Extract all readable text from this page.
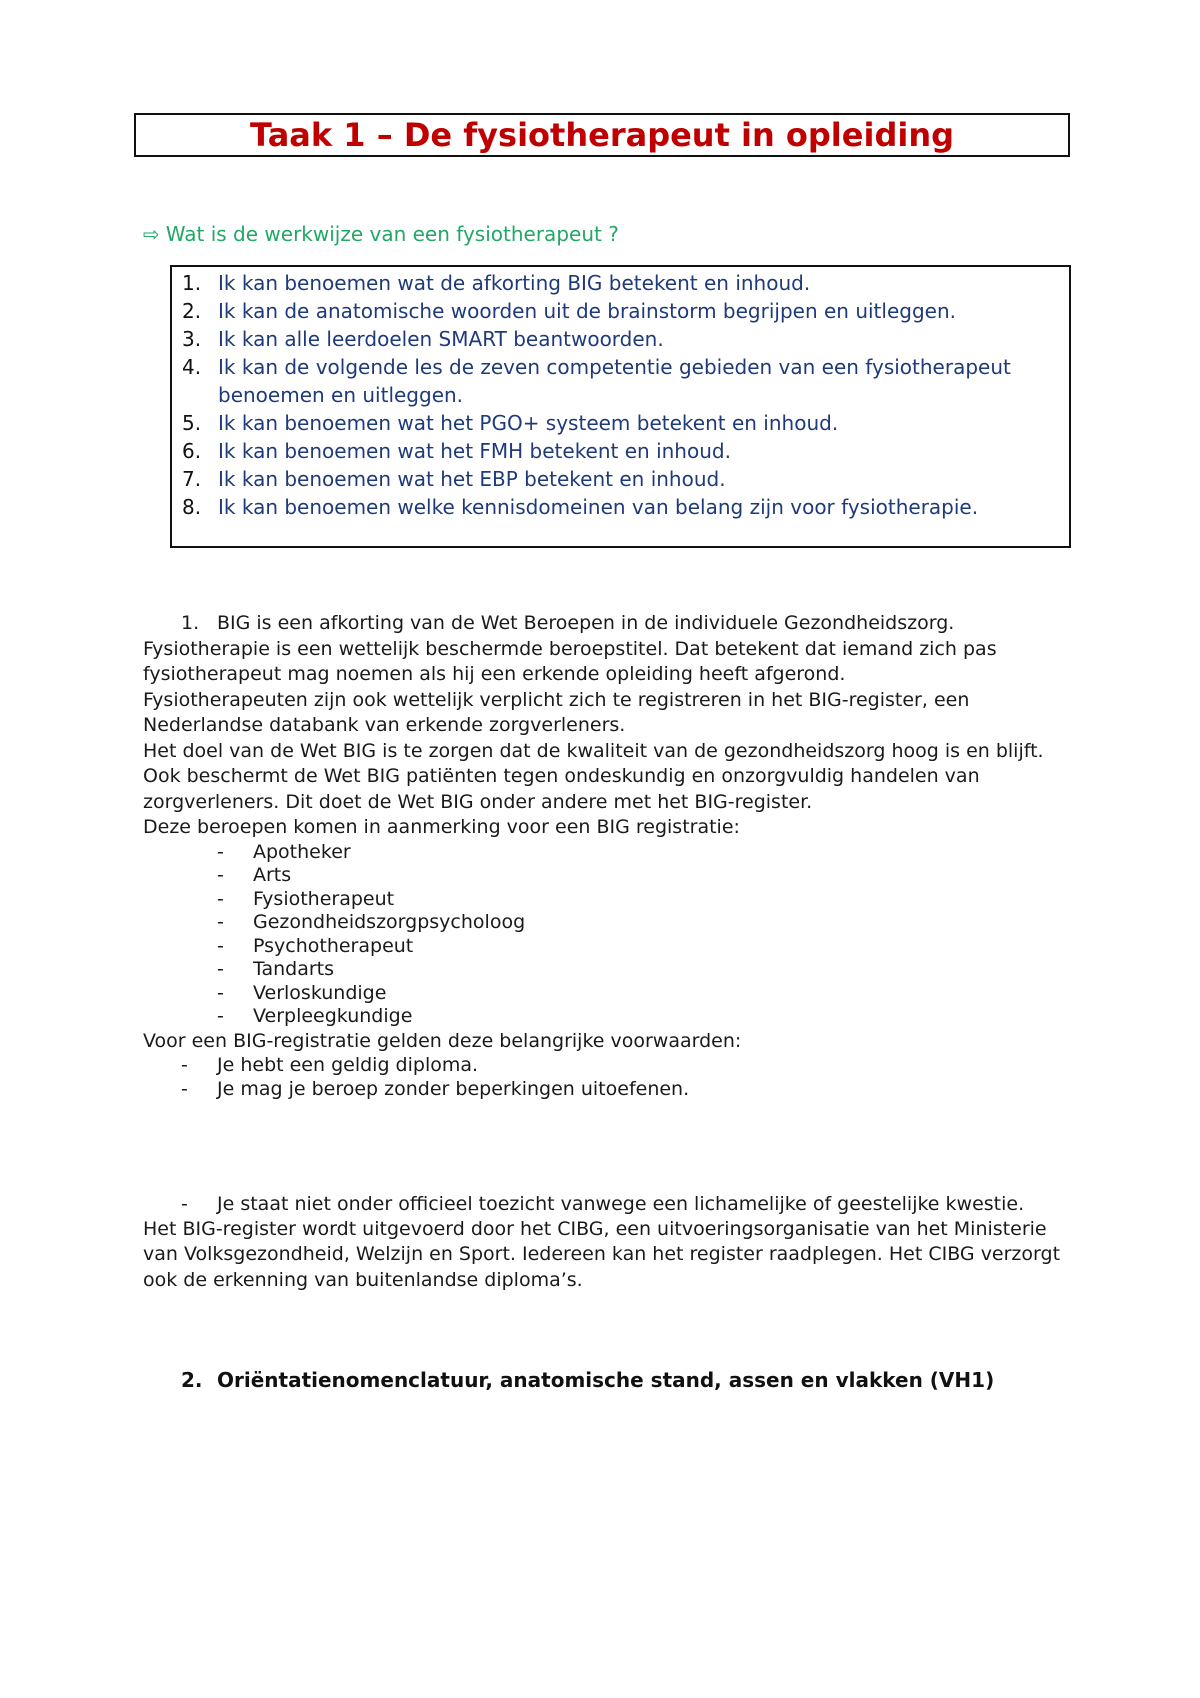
Taak 1 – De fysiotherapeut in opleiding
⇨ Wat is de werkwijze van een fysiotherapeut ?
1. Ik kan benoemen wat de afkorting BIG betekent en inhoud.
2. Ik kan de anatomische woorden uit de brainstorm begrijpen en uitleggen.
3. Ik kan alle leerdoelen SMART beantwoorden.
4. Ik kan de volgende les de zeven competentie gebieden van een fysiotherapeut benoemen en uitleggen.
5. Ik kan benoemen wat het PGO+ systeem betekent en inhoud.
6. Ik kan benoemen wat het FMH betekent en inhoud.
7. Ik kan benoemen wat het EBP betekent en inhoud.
8. Ik kan benoemen welke kennisdomeinen van belang zijn voor fysiotherapie.

1. BIG is een afkorting van de Wet Beroepen in de individuele Gezondheidszorg.

Fysiotherapie is een wettelijk beschermde beroepstitel. Dat betekent dat iemand zich pas fysiotherapeut mag noemen als hij een erkende opleiding heeft afgerond.

Fysiotherapeuten zijn ook wettelijk verplicht zich te registreren in het BIG-register, een Nederlandse databank van erkende zorgverleners.

Het doel van de Wet BIG is te zorgen dat de kwaliteit van de gezondheidszorg hoog is en blijft. Ook beschermt de Wet BIG patiënten tegen ondeskundig en onzorgvuldig handelen van zorgverleners. Dit doet de Wet BIG onder andere met het BIG-register.

Deze beroepen komen in aanmerking voor een BIG registratie:

- Apotheker
- Arts
- Fysiotherapeut
- Gezondheidszorgpsycholoog
- Psychotherapeut
- Tandarts
- Verloskundige
- Verpleegkundige

Voor een BIG-registratie gelden deze belangrijke voorwaarden:

- Je hebt een geldig diploma.
- Je mag je beroep zonder beperkingen uitoefenen.
- Je staat niet onder officieel toezicht vanwege een lichamelijke of geestelijke kwestie.

Het BIG-register wordt uitgevoerd door het CIBG, een uitvoeringsorganisatie van het Ministerie van Volksgezondheid, Welzijn en Sport. Iedereen kan het register raadplegen. Het CIBG verzorgt ook de erkenning van buitenlandse diploma’s.

2. Oriëntatienomenclatuur, anatomische stand, assen en vlakken (VH1)
